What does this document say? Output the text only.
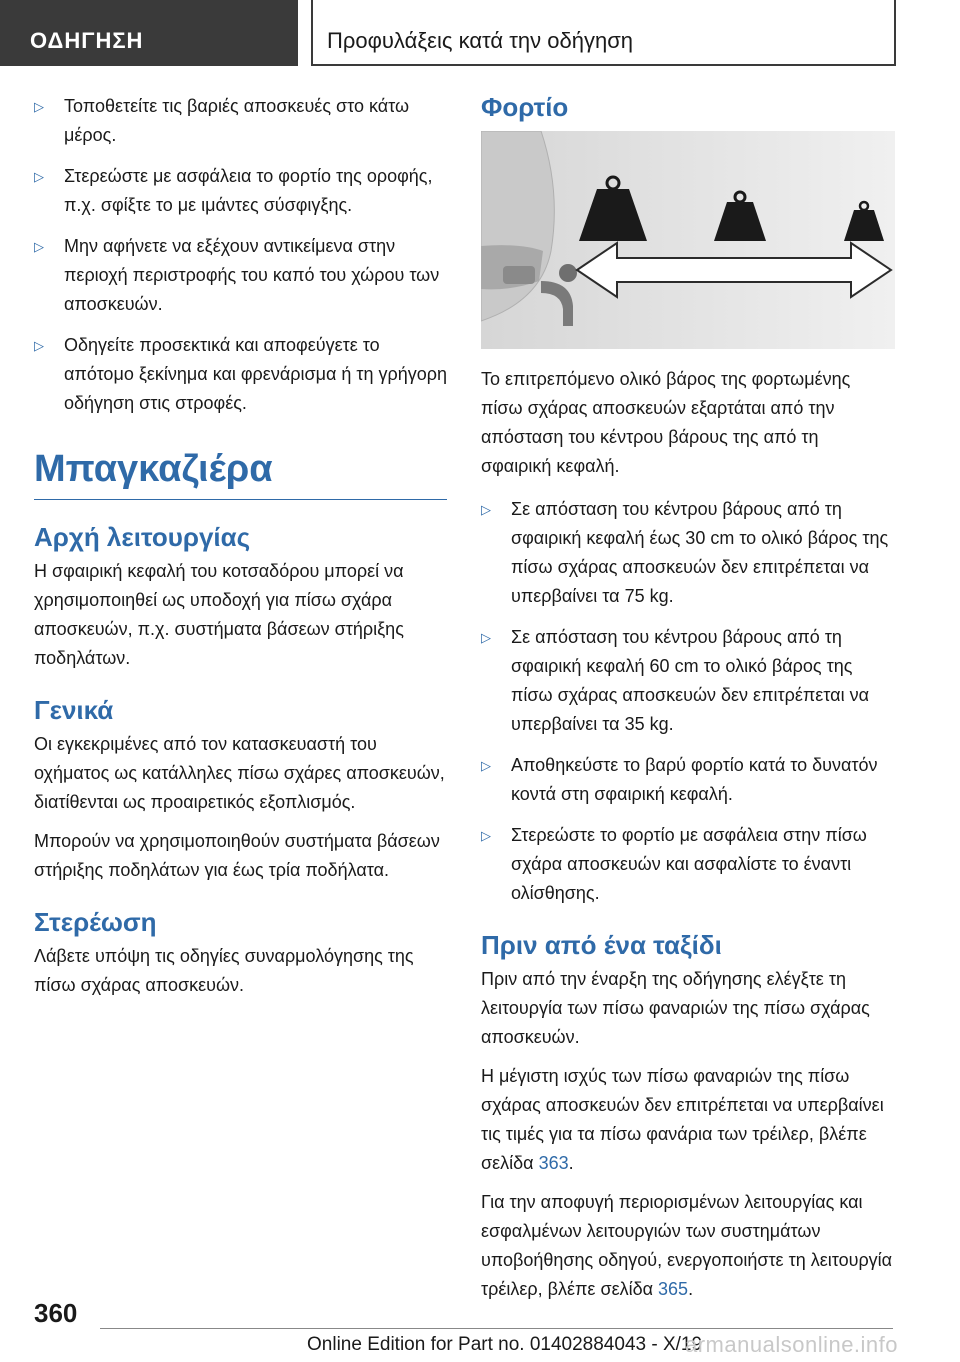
ΟΔΗΓΗΣΗ	Προφυλάξεις κατά την οδήγηση
▷ Τοποθετείτε τις βαριές αποσκευές στο κάτω μέρος.
▷ Στερεώστε με ασφάλεια το φορτίο της οροφής, π.χ. σφίξτε το με ιμάντες σύσφιγξης.
▷ Μην αφήνετε να εξέχουν αντικείμενα στην περιοχή περιστροφής του καπό του χώρου των αποσκευών.
▷ Οδηγείτε προσεκτικά και αποφεύγετε το απότομο ξεκίνημα και φρενάρισμα ή τη γρήγορη οδήγηση στις στροφές.
Μπαγκαζιέρα
Αρχή λειτουργίας

Η σφαιρική κεφαλή του κοτσαδόρου μπορεί να χρησιμοποιηθεί ως υποδοχή για πίσω σχάρα αποσκευών, π.χ. συστήματα βάσεων στήριξης ποδηλάτων.

Γενικά

Οι εγκεκριμένες από τον κατασκευαστή του οχήματος ως κατάλληλες πίσω σχάρες αποσκευών, διατίθενται ως προαιρετικός εξοπλισμός.

Μπορούν να χρησιμοποιηθούν συστήματα βάσεων στήριξης ποδηλάτων για έως τρία ποδήλατα.

Στερέωση

Λάβετε υπόψη τις οδηγίες συναρμολόγησης της πίσω σχάρας αποσκευών.

Φορτίο

Το επιτρεπόμενο ολικό βάρος της φορτωμένης πίσω σχάρας αποσκευών εξαρτάται από την απόσταση του κέντρου βάρους της από τη σφαιρική κεφαλή.

▷ Σε απόσταση του κέντρου βάρους από τη σφαιρική κεφαλή έως 30 cm το ολικό βάρος της πίσω σχάρας αποσκευών δεν επιτρέπεται να υπερβαίνει τα 75 kg.
▷ Σε απόσταση του κέντρου βάρους από τη σφαιρική κεφαλή 60 cm το ολικό βάρος της πίσω σχάρας αποσκευών δεν επιτρέπεται να υπερβαίνει τα 35 kg.
▷ Αποθηκεύστε το βαρύ φορτίο κατά το δυνατόν κοντά στη σφαιρική κεφαλή.
▷ Στερεώστε το φορτίο με ασφάλεια στην πίσω σχάρα αποσκευών και ασφαλίστε το έναντι ολίσθησης.
Πριν από ένα ταξίδι

Πριν από την έναρξη της οδήγησης ελέγξτε τη λειτουργία των πίσω φαναριών της πίσω σχάρας αποσκευών.

Η μέγιστη ισχύς των πίσω φαναριών της πίσω σχάρας αποσκευών δεν επιτρέπεται να υπερβαίνει τις τιμές για τα πίσω φανάρια των τρέιλερ, βλέπε σελίδα 363.

Για την αποφυγή περιορισμένων λειτουργίας και εσφαλμένων λειτουργιών των συστημάτων υποβοήθησης οδηγού, ενεργοποιήστε τη λειτουργία τρέιλερ, βλέπε σελίδα 365.

360
Online Edition for Part no. 01402884043 - X/19
armanualsonline.info
